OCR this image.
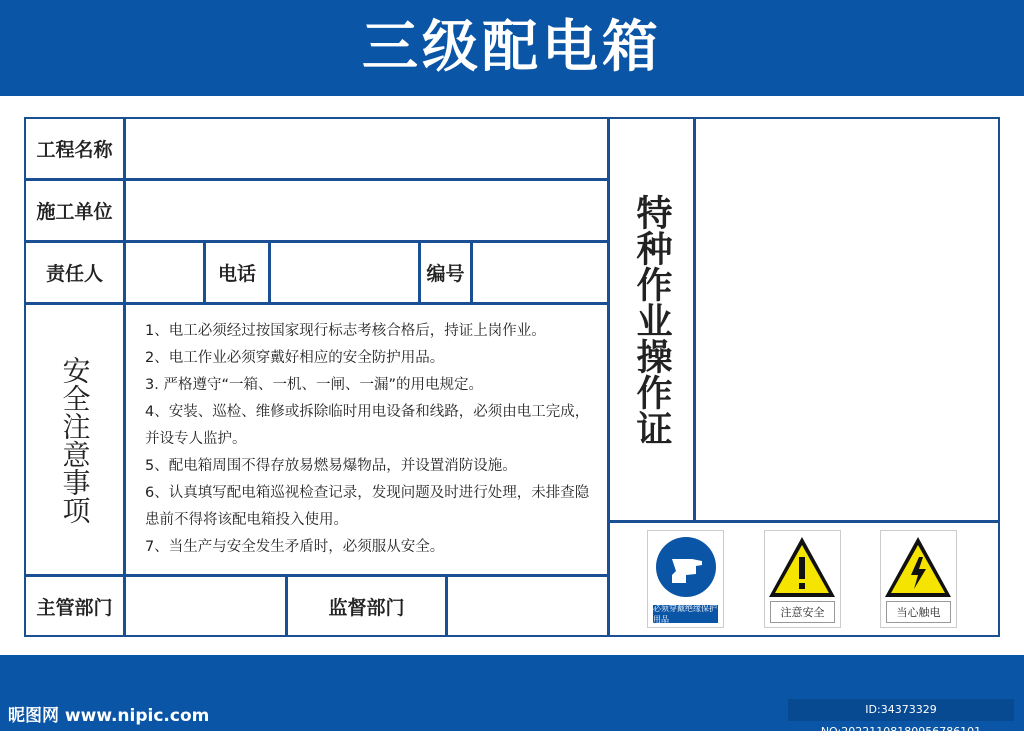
三级配电箱
工程名称
施工单位
责任人	电话	编号
安全注意事项
1、电工必须经过按国家现行标志考核合格后，持证上岗作业。
2、电工作业必须穿戴好相应的安全防护用品。
3. 严格遵守“一箱、一机、一闸、一漏”的用电规定。
4、安装、巡检、维修或拆除临时用电设备和线路，必须由电工完成，并设专人监护。
5、配电箱周围不得存放易燃易爆物品，并设置消防设施。
6、认真填写配电箱巡视检查记录，发现问题及时进行处理，未排查隐患前不得将该配电箱投入使用。
7、当生产与安全发生矛盾时，必须服从安全。
主管部门	监督部门
特种作业操作证
必须穿戴绝缘保护用品
注意安全	当心触电
昵图网 www.nipic.com	ID:34373329 NO:20221108180956786101
